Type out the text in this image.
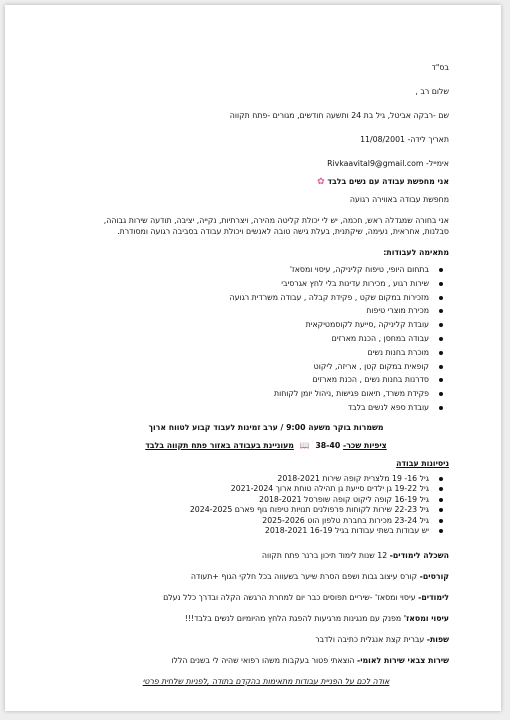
בס"ד

שלום רב ,

שם -רבקה אביטל, גיל בת 24 ותשעה חודשים, מגורים -פתח תקווה

תאריך לידה- 11/08/2001

אימייל- Rivkaavital9@gmail.com

אני מחפשת עבודה עם נשים בלבד ✿

מחפשת עבודה באווירה רגועה

אני בחורה שמגדלה ראש, חכמה, יש לי יכולת קליטה מהירה, ויצרתיות, נקייה, יציבה, תודעה שירות גבוהה, סבלנות, אחראית, נעימה, שיקתנית, בעלת גישה טובה לאנשים ויכולת עבודה בסביבה רגועה ומסודרת.

מתאימה לעבודות:

בתחום היופי, טיפוח קליניקה, עיסוי ומסאז'
שירות רגוע , מכירות עדינות בלי לחץ אגרסיבי
מזכירות במקום שקט , פקידת קבלה , עבודה משרדית רגועה
מכירת מוצרי טיפוח
עובדת קליניקה ,סייעת לקוסמטיקאית
עבודה במחסן , הכנת מארזים
מוכרת בחנות נשים
קופאית במקום קטן , אריזה, ליקוט
סדרנות בחנות נשים , הכנת מארזים
פקידת משרד, תיאום פגישות ,ניהול יומן לקוחות
עובדת ספא לנשים בלבד

משמרות בוקר משעה 9:00 / ערב זמינות לעבוד קבוע לטווח ארוך

ציפיות שכר- 38-40 📖 מעוניינת בעבודה באזור פתח תקווה בלבד

ניסיונות עבודה

גיל 16- 19 מלצרית קופה שירות 2018-2021
גיל 19-22 גן ילדים סייעת גן תהילה טוחת ארוך 2021-2024
גיל 16-19 קופה ליקוט קופה שופרסל 2018-2021
גיל 22-23 שירות לקוחות פרפולנים תנויות טיפוח גוף פארם 2024-2025
גיל 23-24 מכירות בחברת טלפון הוט 2025-2026
יש עבודות בשתי עבודות בגיל 16-19 2018-2021

השכלה לימודים- 12 שנות לימוד תיכון ברנר פתח תקווה

קורסים- קורס עיצוב גבות ושפם הסרת שיער בשעווה בכל חלקי הגוף +תעודה

לימודים- עיסוי ומסאז' -שיריים תפוסים כבר יום למחרת הרגשה הקלה ובדרך כלל נעלם

עיסוי ומסאז' מפנק עם מנגינות מרגיעות להפגת הלחץ מהיומיום לנשים בלבד!!!

שפות- עברית קצת אנגלית כתיבה ולדבר

שירות צבאי שירות לאומי- הוצאתי פטור בעקבות משהו רפואי שהיה לי בשנים הללו

אודה לכם על הפניית עבודות מתאימות בהקדם בתודה ,לפניות שלחית פרטי
